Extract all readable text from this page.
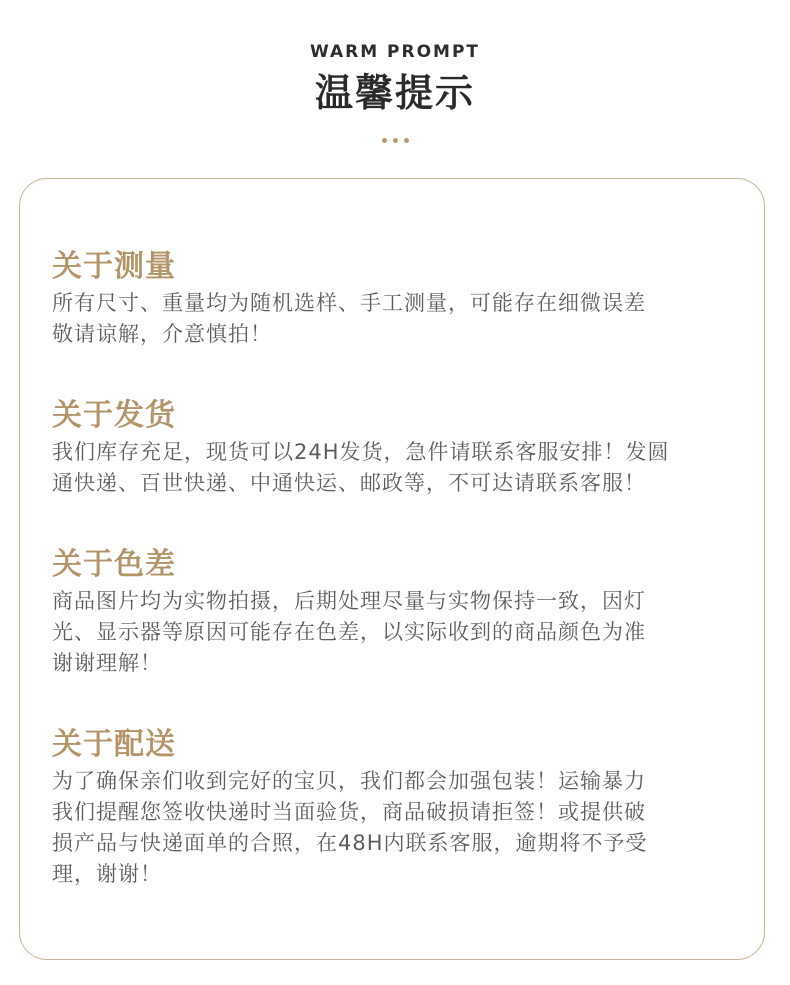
WARM PROMPT
温馨提示
关于测量
所有尺寸、重量均为随机选样、手工测量，可能存在细微误差
敬请谅解，介意慎拍！
关于发货
我们库存充足，现货可以24H发货，急件请联系客服安排！发圆
通快递、百世快递、中通快运、邮政等，不可达请联系客服！
关于色差
商品图片均为实物拍摄，后期处理尽量与实物保持一致，因灯
光、显示器等原因可能存在色差，以实际收到的商品颜色为准
谢谢理解！
关于配送
为了确保亲们收到完好的宝贝，我们都会加强包装！运输暴力
我们提醒您签收快递时当面验货，商品破损请拒签！或提供破
损产品与快递面单的合照，在48H内联系客服，逾期将不予受
理，谢谢！
